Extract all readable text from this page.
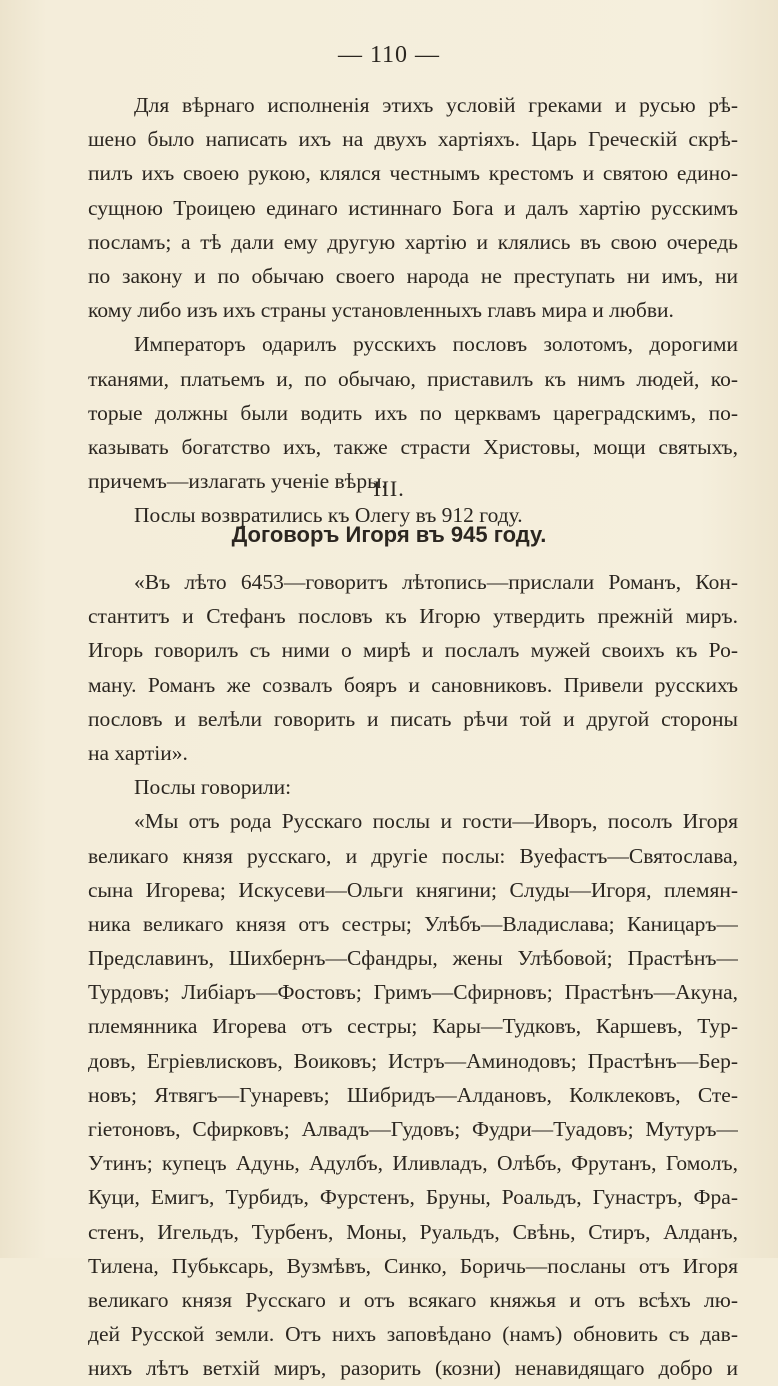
— 110 —
Для вѣрнаго исполненія этихъ условій греками и русью рѣ-
шено было написать ихъ на двухъ хартіяхъ. Царь Греческій скрѣ-
пилъ ихъ своею рукою, клялся честнымъ крестомъ и святою едино-
сущною Троицею единаго истиннаго Бога и далъ хартію русскимъ
посламъ; а тѣ дали ему другую хартію и клялись въ свою очередь
по закону и по обычаю своего народа не преступать ни имъ, ни
кому либо изъ ихъ страны установленныхъ главъ мира и любви.
Императоръ одарилъ русскихъ пословъ золотомъ, дорогими
тканями, платьемъ и, по обычаю, приставилъ къ нимъ людей, ко-
торые должны были водить ихъ по церквамъ цареградскимъ, по-
казывать богатство ихъ, также страсти Христовы, мощи святыхъ,
причемъ—излагать ученіе вѣры.
Послы возвратились къ Олегу въ 912 году.
III.
Договоръ Игоря въ 945 году.
«Въ лѣто 6453—говоритъ лѣтопись—прислали Романъ, Кон-
стантитъ и Стефанъ пословъ къ Игорю утвердить прежній миръ.
Игорь говорилъ съ ними о мирѣ и послалъ мужей своихъ къ Ро-
ману. Романъ же созвалъ бояръ и сановниковъ. Привели русскихъ
пословъ и велѣли говорить и писать рѣчи той и другой стороны
на хартіи».
Послы говорили:
«Мы отъ рода Русскаго послы и гости—Иворъ, посолъ Игоря
великаго князя русскаго, и другіе послы: Вуефастъ—Святослава,
сына Игорева; Искусеви—Ольги княгини; Слуды—Игоря, племян-
ника великаго князя отъ сестры; Улѣбъ—Владислава; Каницаръ—
Предславинъ, Шихбернъ—Сфандры, жены Улѣбовой; Прастѣнъ—
Турдовъ; Либіаръ—Фостовъ; Гримъ—Сфирновъ; Прастѣнъ—Акуна,
племянника Игорева отъ сестры; Кары—Тудковъ, Каршевъ, Тур-
довъ, Егріевлисковъ, Воиковъ; Истръ—Аминодовъ; Прастѣнъ—Бер-
новъ; Ятвягъ—Гунаревъ; Шибридъ—Алдановъ, Колклековъ, Сте-
гіетоновъ, Сфирковъ; Алвадъ—Гудовъ; Фудри—Туадовъ; Мутуръ—
Утинъ; купецъ Адунь, Адулбъ, Иливладъ, Олѣбъ, Фрутанъ, Гомолъ,
Куци, Емигъ, Турбидъ, Фурстенъ, Бруны, Роальдъ, Гунастръ, Фра-
стенъ, Игельдъ, Турбенъ, Моны, Руальдъ, Свѣнь, Стиръ, Алданъ,
Тилена, Пубьксарь, Вузмѣвъ, Синко, Боричь—посланы отъ Игоря
великаго князя Русскаго и отъ всякаго княжья и отъ всѣхъ лю-
дей Русской земли. Отъ нихъ заповѣдано (намъ) обновить съ дав-
нихъ лѣтъ ветхій миръ, разорить (козни) ненавидящаго добро и
